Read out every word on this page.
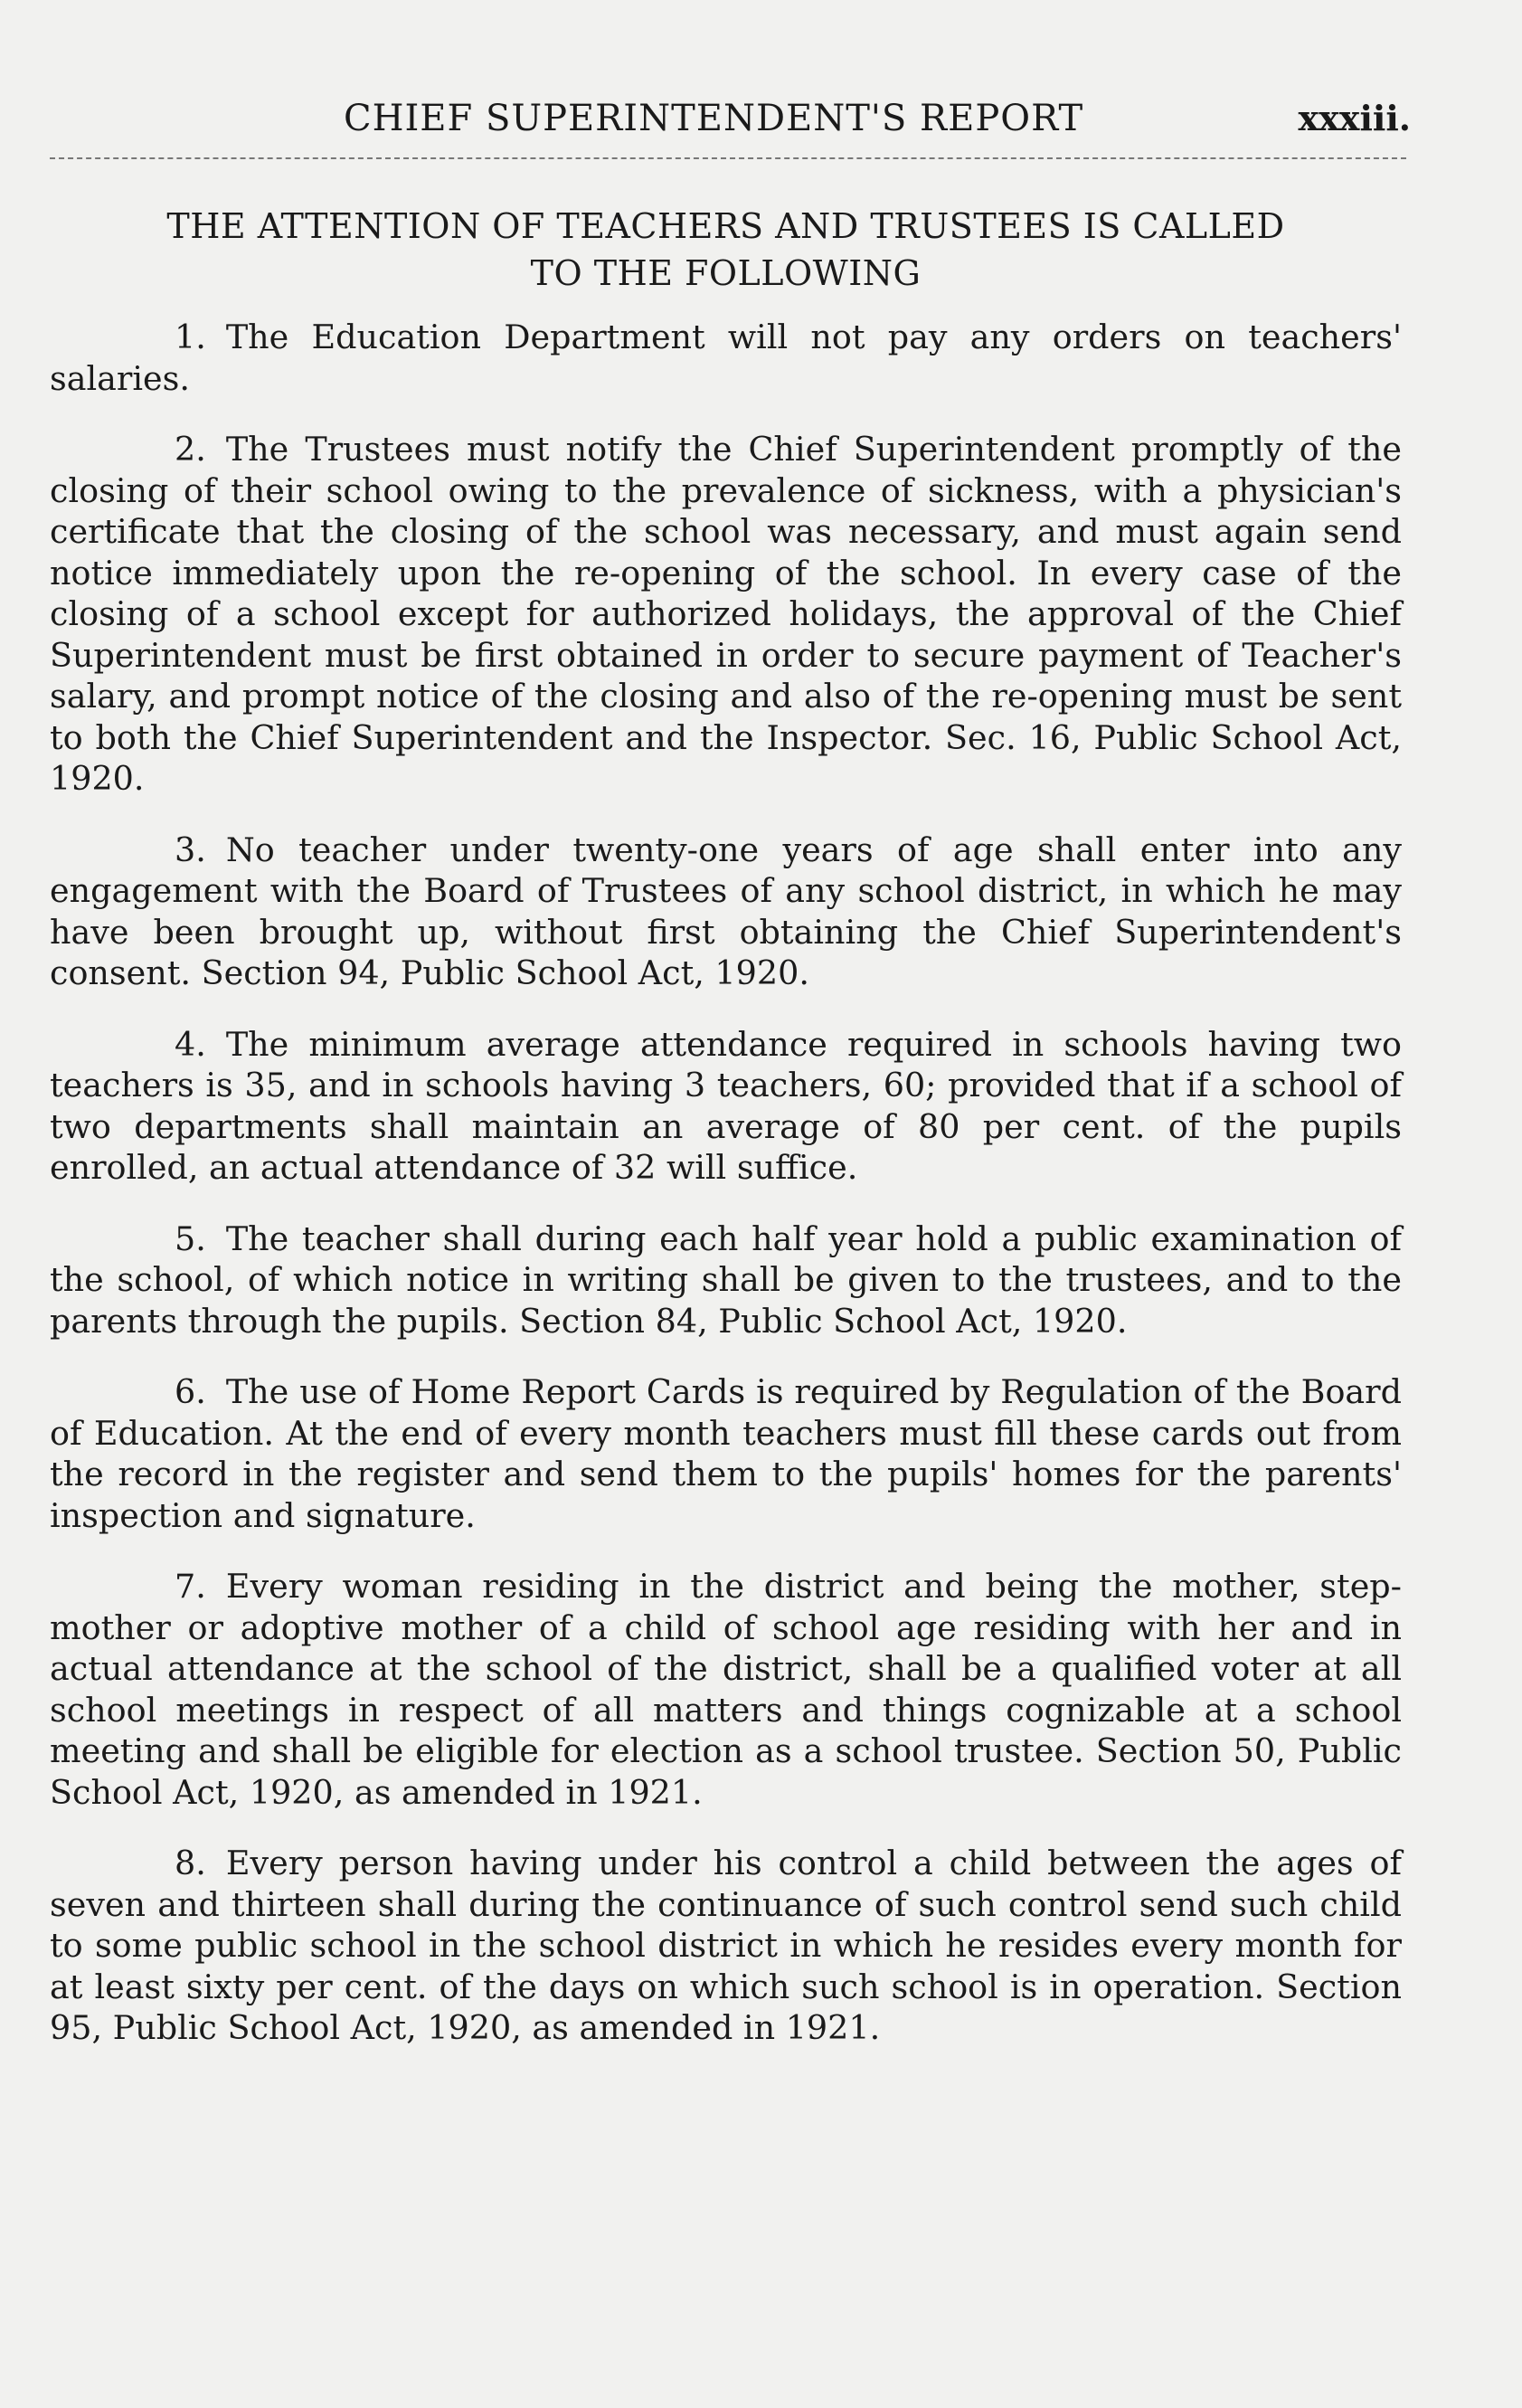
CHIEF SUPERINTENDENT'S REPORT	xxxiii.
THE ATTENTION OF TEACHERS AND TRUSTEES IS CALLED
TO THE FOLLOWING

1. The Education Department will not pay any orders on teachers' salaries.

2. The Trustees must notify the Chief Superintendent promptly of the closing of their school owing to the prevalence of sickness, with a physician's certificate that the closing of the school was necessary, and must again send notice immediately upon the re-opening of the school. In every case of the closing of a school except for authorized holidays, the approval of the Chief Superintendent must be first obtained in order to secure payment of Teacher's salary, and prompt notice of the closing and also of the re-opening must be sent to both the Chief Superintendent and the Inspector. Sec. 16, Public School Act, 1920.

3. No teacher under twenty-one years of age shall enter into any engagement with the Board of Trustees of any school district, in which he may have been brought up, without first obtaining the Chief Superintendent's consent. Section 94, Public School Act, 1920.

4. The minimum average attendance required in schools having two teachers is 35, and in schools having 3 teachers, 60; provided that if a school of two departments shall maintain an average of 80 per cent. of the pupils enrolled, an actual attendance of 32 will suffice.

5. The teacher shall during each half year hold a public examination of the school, of which notice in writing shall be given to the trustees, and to the parents through the pupils. Section 84, Public School Act, 1920.

6. The use of Home Report Cards is required by Regulation of the Board of Education. At the end of every month teachers must fill these cards out from the record in the register and send them to the pupils' homes for the parents' inspection and signature.

7. Every woman residing in the district and being the mother, step-mother or adoptive mother of a child of school age residing with her and in actual attendance at the school of the district, shall be a qualified voter at all school meetings in respect of all matters and things cognizable at a school meeting and shall be eligible for election as a school trustee. Section 50, Public School Act, 1920, as amended in 1921.

8. Every person having under his control a child between the ages of seven and thirteen shall during the continuance of such control send such child to some public school in the school district in which he resides every month for at least sixty per cent. of the days on which such school is in operation. Section 95, Public School Act, 1920, as amended in 1921.
